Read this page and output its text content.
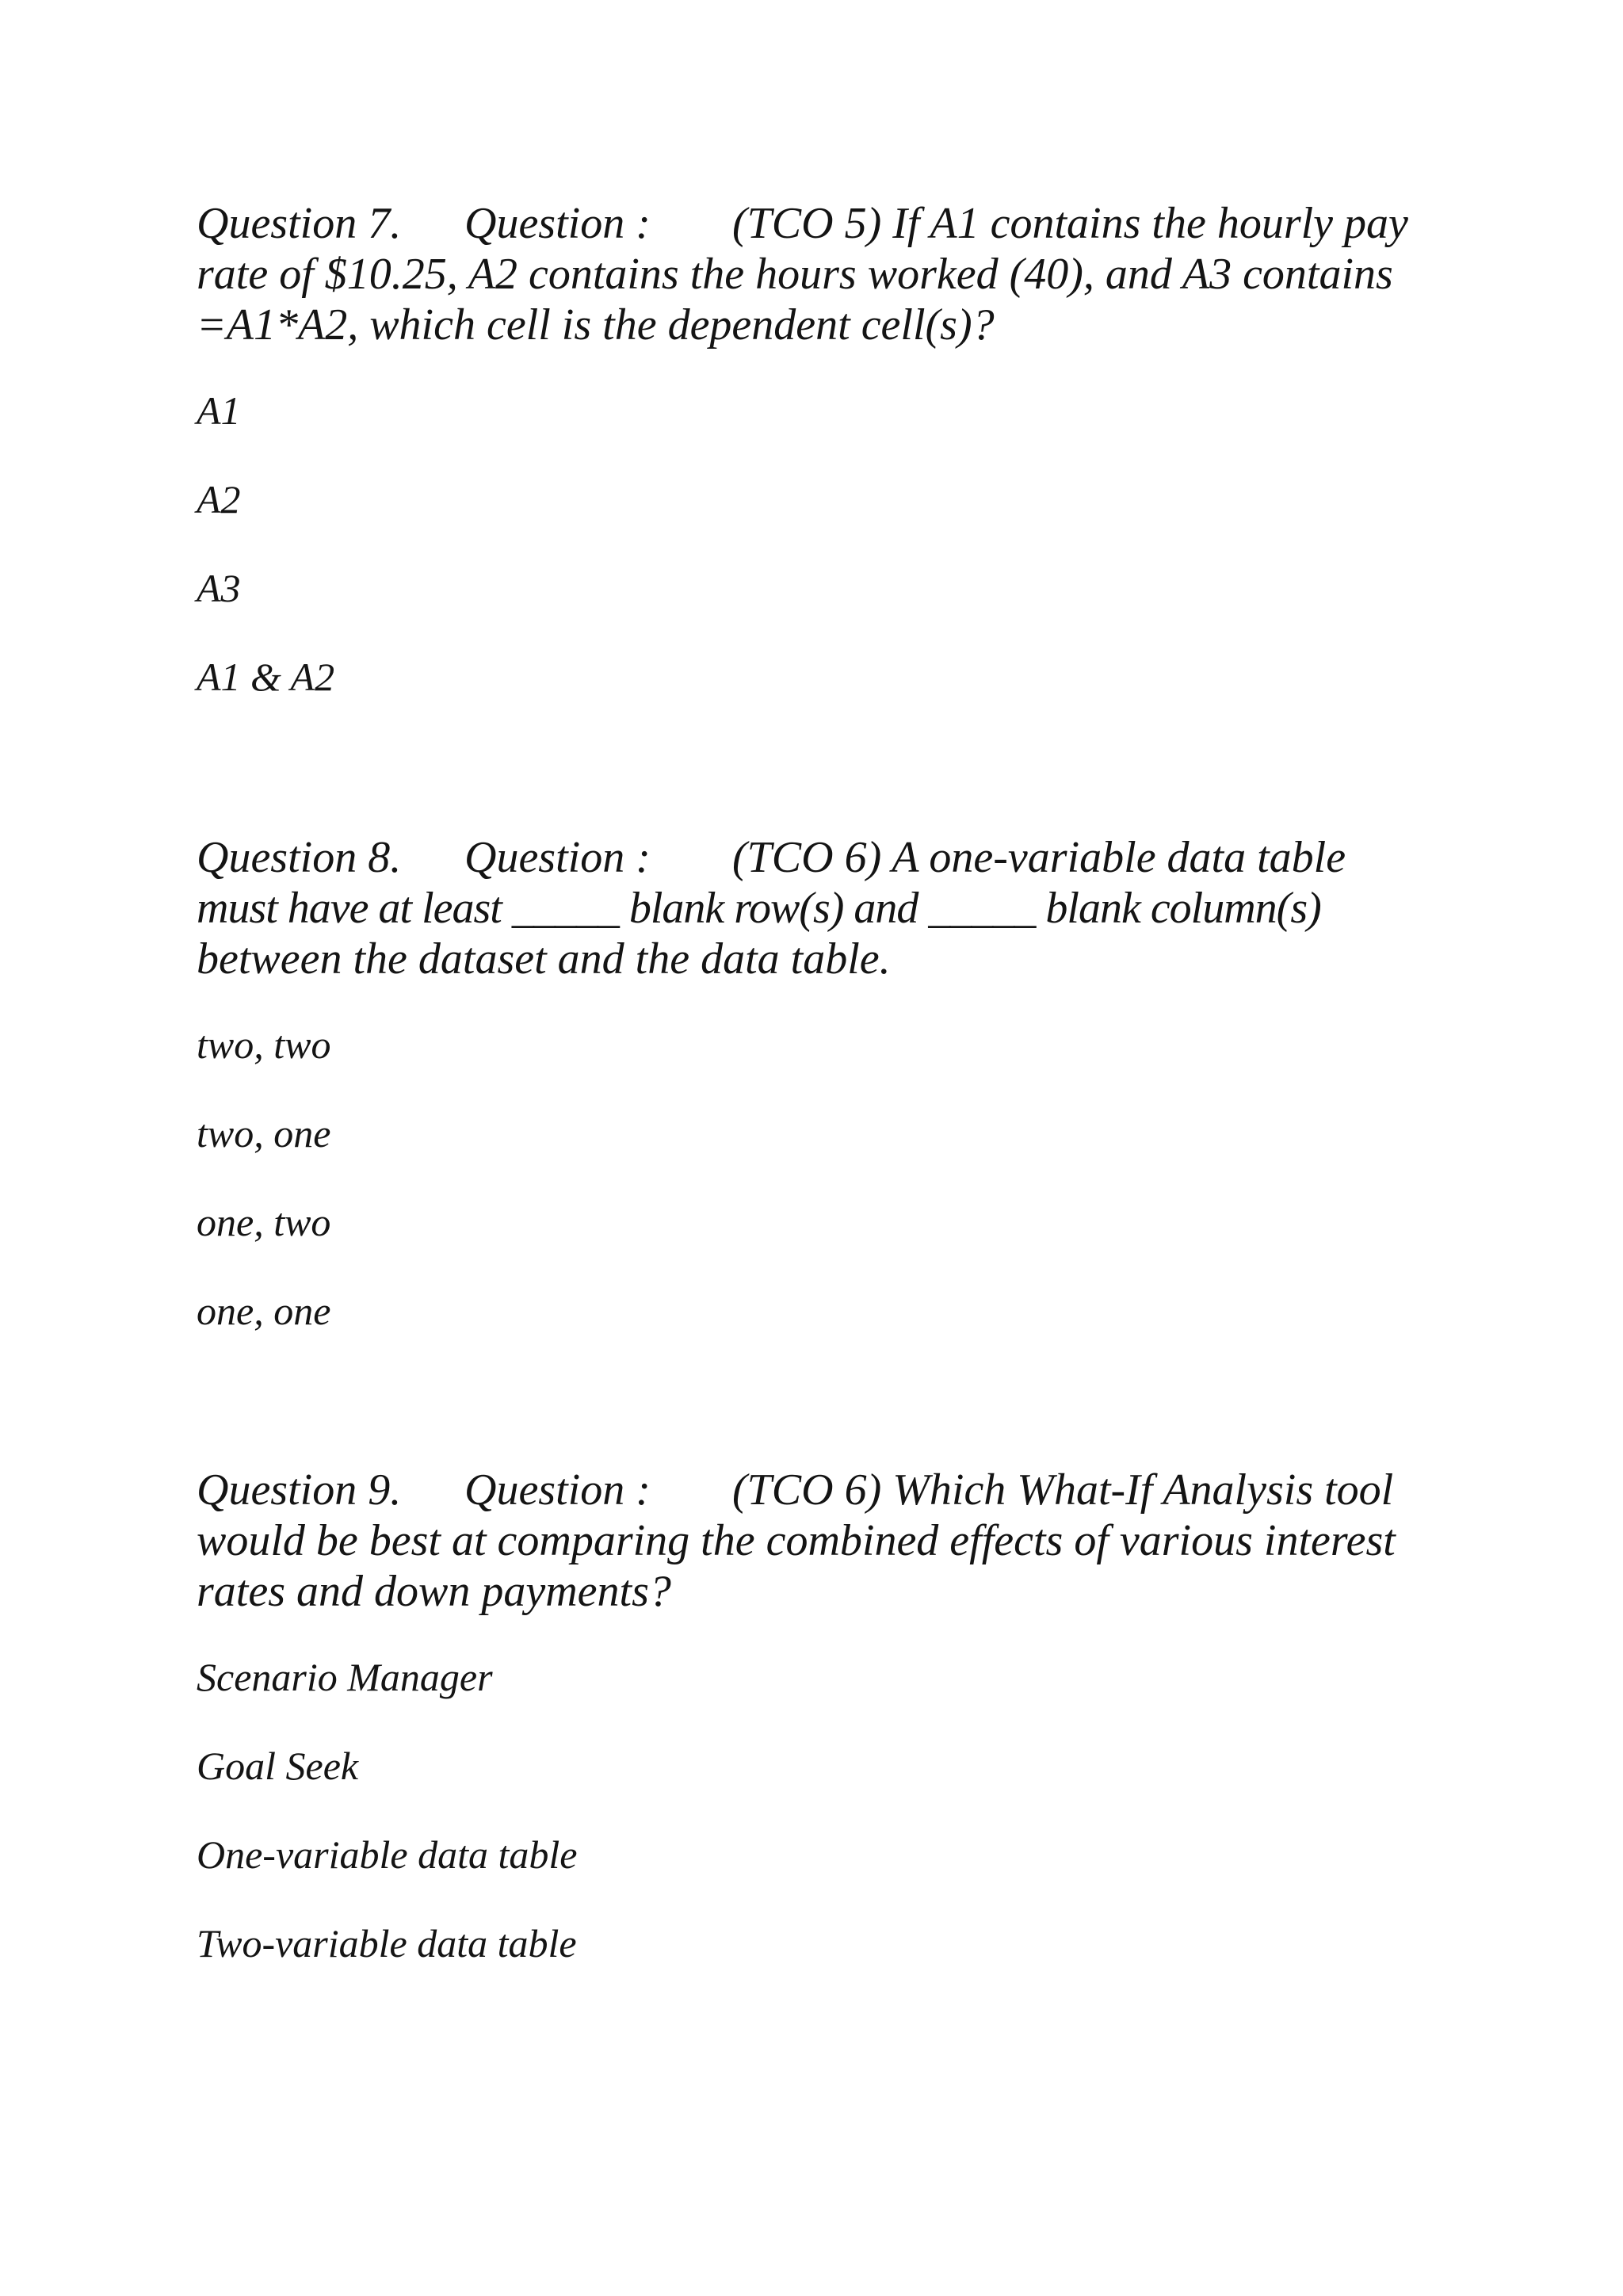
Question 7. Question : (TCO 5) If A1 contains the hourly pay
rate of $10.25, A2 contains the hours worked (40), and A3 contains
=A1*A2, which cell is the dependent cell(s)?

A1
A2
A3
A1 & A2

Question 8. Question : (TCO 6) A one-variable data table
must have at least _____ blank row(s) and _____ blank column(s)
between the dataset and the data table.

two, two
two, one
one, two
one, one

Question 9. Question : (TCO 6) Which What-If Analysis tool
would be best at comparing the combined effects of various interest
rates and down payments?

Scenario Manager
Goal Seek
One-variable data table
Two-variable data table
